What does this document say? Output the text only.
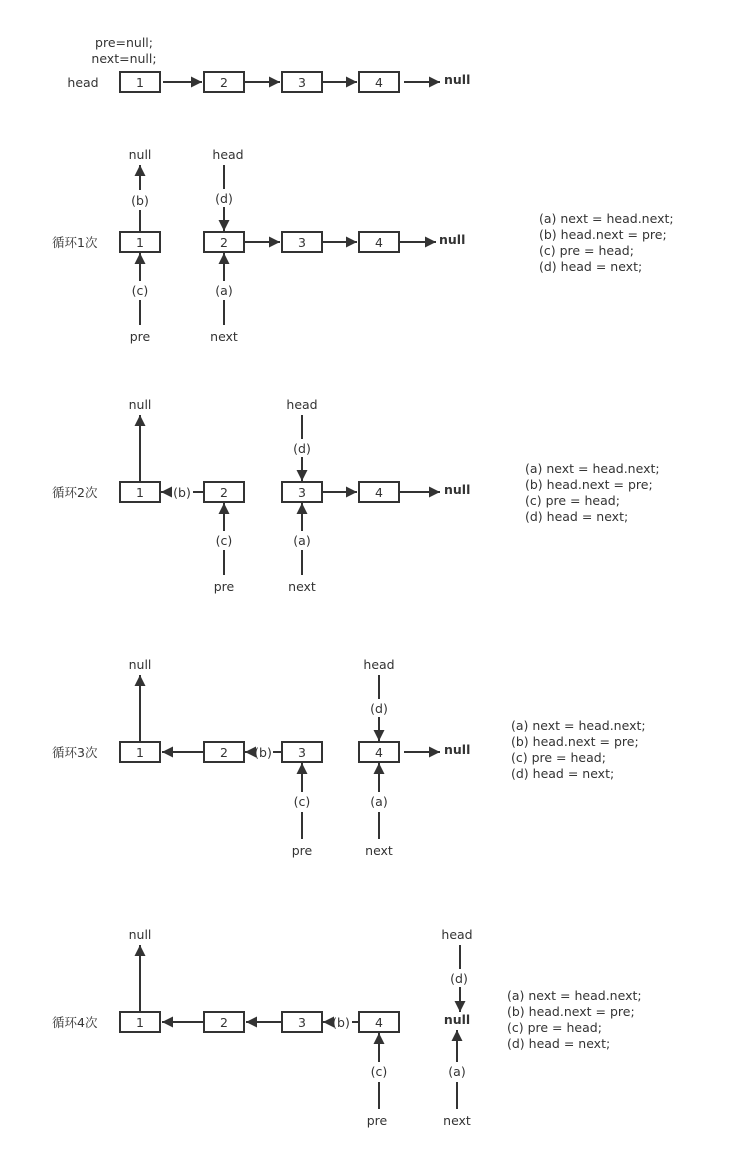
pre=null;
next=null;
head	1	2	3	4	null
循环1次	1	2	3	4	null
null
(b)
head
(d)
(c)
pre
(a)
next
(a) next = head.next;
(b) head.next = pre;
(c) pre = head;
(d) head = next;
循环2次	1	2	3	4
(b)	null
null	head
(d)
(c)
pre
(a)
next
(a) next = head.next;
(b) head.next = pre;
(c) pre = head;
(d) head = next;
循环3次	1	2	3	4
(b)	null
null	head
(d)
(c)
pre
(a)
next
(a) next = head.next;
(b) head.next = pre;
(c) pre = head;
(d) head = next;
循环4次	1	2	3	4
(b)
null	head
(d)
null
(c)
pre
(a)
next
(a) next = head.next;
(b) head.next = pre;
(c) pre = head;
(d) head = next;
